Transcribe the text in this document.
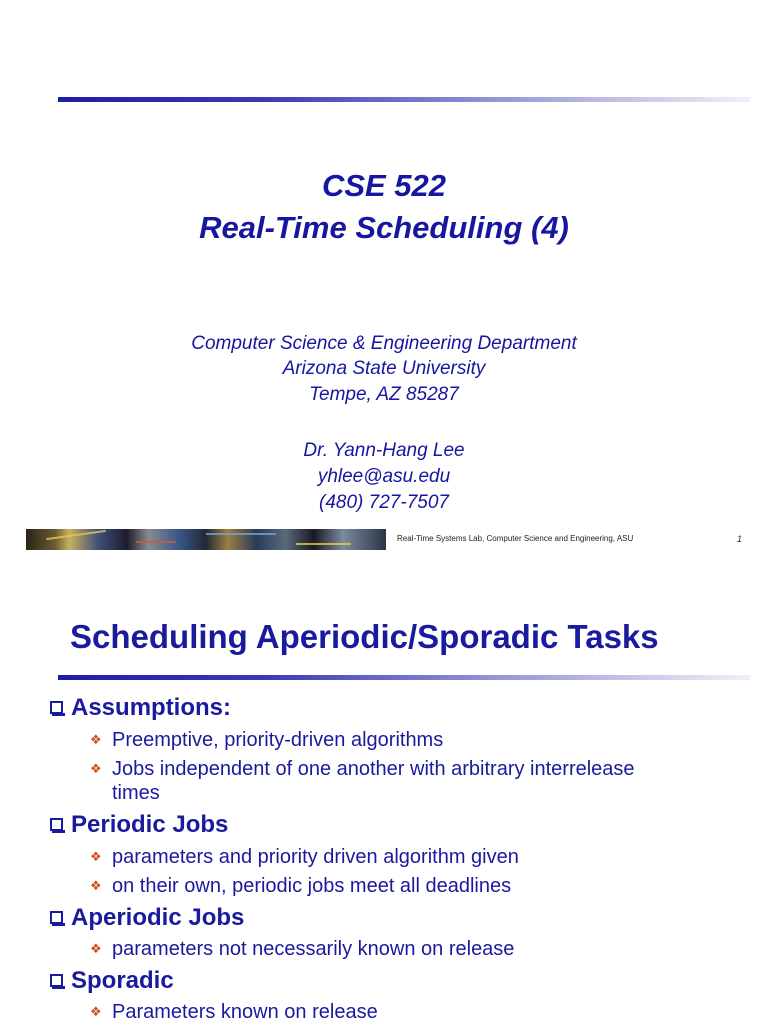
CSE 522

Real-Time Scheduling (4)

Computer Science & Engineering Department

Arizona State University

Tempe, AZ 85287

Dr. Yann-Hang Lee

yhlee@asu.edu

(480) 727-7507

Real-Time Systems Lab, Computer Science and Engineering, ASU	1
Scheduling Aperiodic/Sporadic Tasks
Assumptions:
❖ Preemptive, priority-driven algorithms
❖ Jobs independent of one another with arbitrary interrelease
times
Periodic Jobs
❖ parameters and priority driven algorithm given
❖ on their own, periodic jobs meet all deadlines
Aperiodic Jobs
❖ parameters not necessarily known on release
Sporadic
❖ Parameters known on release
